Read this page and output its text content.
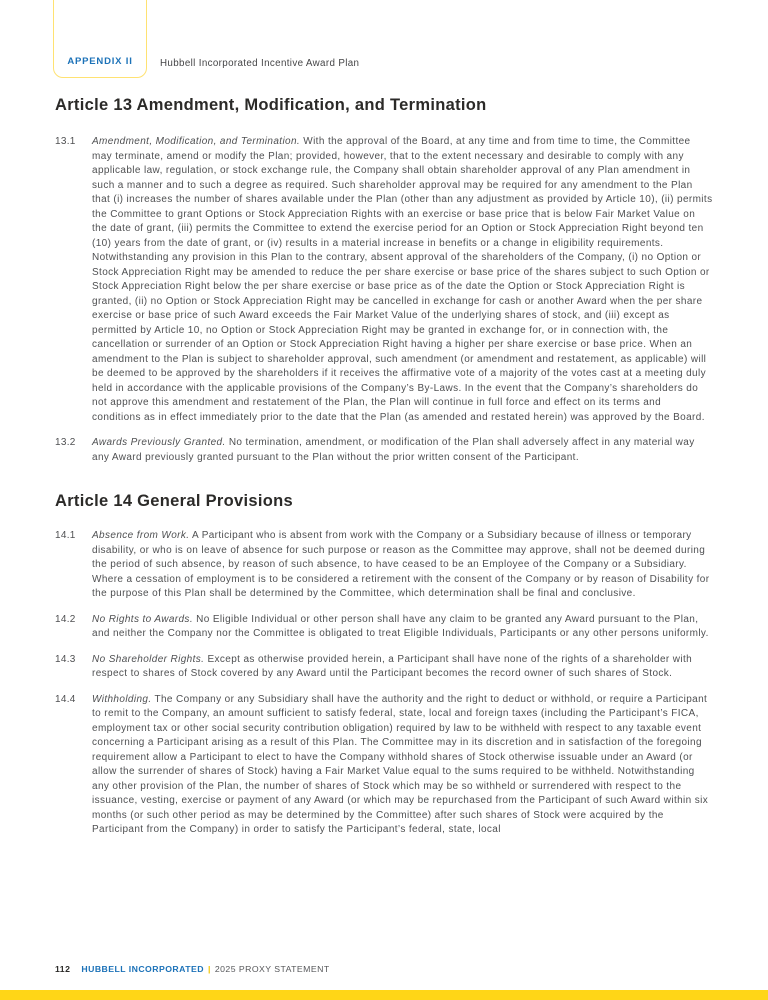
APPENDIX II	Hubbell Incorporated Incentive Award Plan
Article 13 Amendment, Modification, and Termination
13.1	Amendment, Modification, and Termination. With the approval of the Board, at any time and from time to time, the Committee may terminate, amend or modify the Plan; provided, however, that to the extent necessary and desirable to comply with any applicable law, regulation, or stock exchange rule, the Company shall obtain shareholder approval of any Plan amendment in such a manner and to such a degree as required. Such shareholder approval may be required for any amendment to the Plan that (i) increases the number of shares available under the Plan (other than any adjustment as provided by Article 10), (ii) permits the Committee to grant Options or Stock Appreciation Rights with an exercise or base price that is below Fair Market Value on the date of grant, (iii) permits the Committee to extend the exercise period for an Option or Stock Appreciation Right beyond ten (10) years from the date of grant, or (iv) results in a material increase in benefits or a change in eligibility requirements. Notwithstanding any provision in this Plan to the contrary, absent approval of the shareholders of the Company, (i) no Option or Stock Appreciation Right may be amended to reduce the per share exercise or base price of the shares subject to such Option or Stock Appreciation Right below the per share exercise or base price as of the date the Option or Stock Appreciation Right is granted, (ii) no Option or Stock Appreciation Right may be cancelled in exchange for cash or another Award when the per share exercise or base price of such Award exceeds the Fair Market Value of the underlying shares of stock, and (iii) except as permitted by Article 10, no Option or Stock Appreciation Right may be granted in exchange for, or in connection with, the cancellation or surrender of an Option or Stock Appreciation Right having a higher per share exercise or base price. When an amendment to the Plan is subject to shareholder approval, such amendment (or amendment and restatement, as applicable) will be deemed to be approved by the shareholders if it receives the affirmative vote of a majority of the votes cast at a meeting duly held in accordance with the applicable provisions of the Company’s By-Laws. In the event that the Company’s shareholders do not approve this amendment and restatement of the Plan, the Plan will continue in full force and effect on its terms and conditions as in effect immediately prior to the date that the Plan (as amended and restated herein) was approved by the Board.
13.2	Awards Previously Granted. No termination, amendment, or modification of the Plan shall adversely affect in any material way any Award previously granted pursuant to the Plan without the prior written consent of the Participant.
Article 14 General Provisions
14.1	Absence from Work. A Participant who is absent from work with the Company or a Subsidiary because of illness or temporary disability, or who is on leave of absence for such purpose or reason as the Committee may approve, shall not be deemed during the period of such absence, by reason of such absence, to have ceased to be an Employee of the Company or a Subsidiary. Where a cessation of employment is to be considered a retirement with the consent of the Company or by reason of Disability for the purpose of this Plan shall be determined by the Committee, which determination shall be final and conclusive.
14.2	No Rights to Awards. No Eligible Individual or other person shall have any claim to be granted any Award pursuant to the Plan, and neither the Company nor the Committee is obligated to treat Eligible Individuals, Participants or any other persons uniformly.
14.3	No Shareholder Rights. Except as otherwise provided herein, a Participant shall have none of the rights of a shareholder with respect to shares of Stock covered by any Award until the Participant becomes the record owner of such shares of Stock.
14.4	Withholding. The Company or any Subsidiary shall have the authority and the right to deduct or withhold, or require a Participant to remit to the Company, an amount sufficient to satisfy federal, state, local and foreign taxes (including the Participant’s FICA, employment tax or other social security contribution obligation) required by law to be withheld with respect to any taxable event concerning a Participant arising as a result of this Plan. The Committee may in its discretion and in satisfaction of the foregoing requirement allow a Participant to elect to have the Company withhold shares of Stock otherwise issuable under an Award (or allow the surrender of shares of Stock) having a Fair Market Value equal to the sums required to be withheld. Notwithstanding any other provision of the Plan, the number of shares of Stock which may be so withheld or surrendered with respect to the issuance, vesting, exercise or payment of any Award (or which may be repurchased from the Participant of such Award within six months (or such other period as may be determined by the Committee) after such shares of Stock were acquired by the Participant from the Company) in order to satisfy the Participant’s federal, state, local
112 HUBBELL INCORPORATED | 2025 PROXY STATEMENT
